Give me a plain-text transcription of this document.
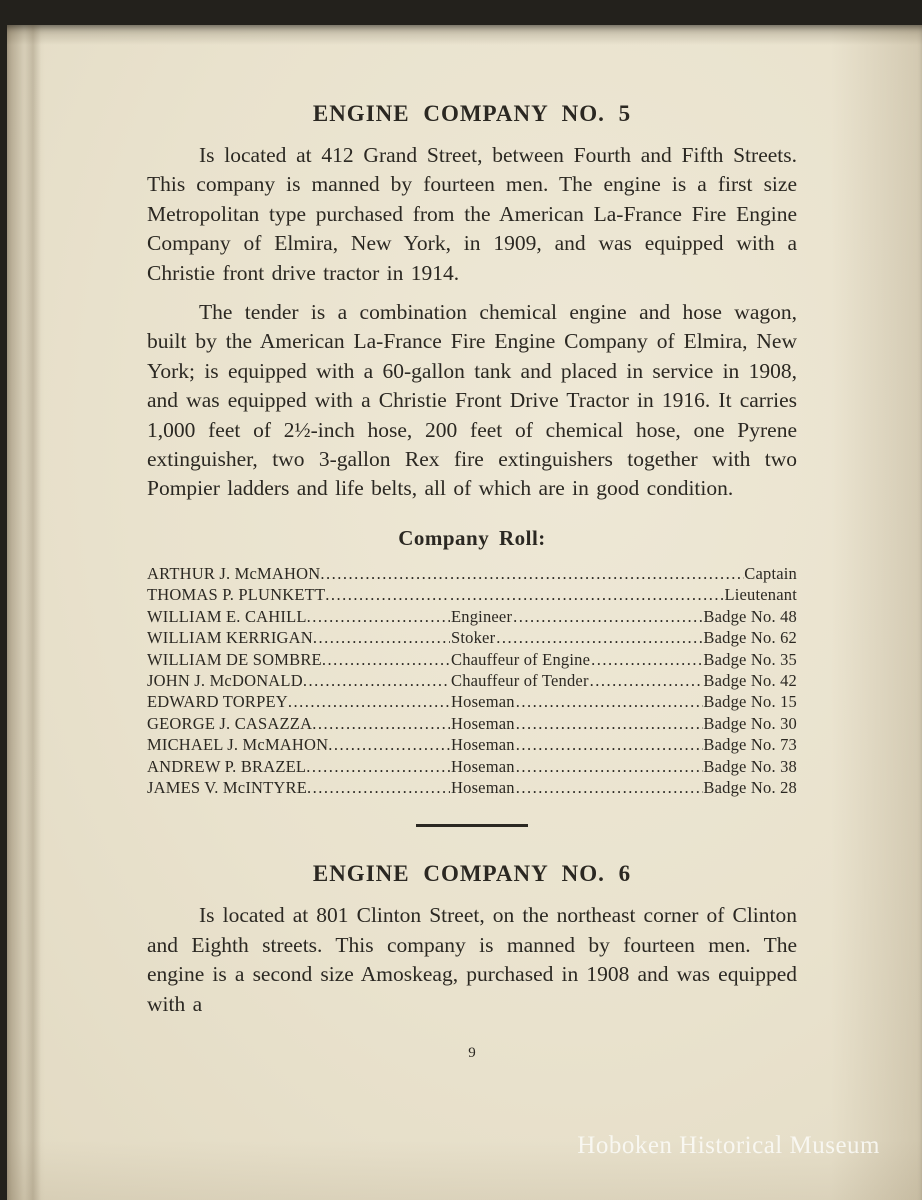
ENGINE COMPANY NO. 5

Is located at 412 Grand Street, between Fourth and Fifth Streets. This company is manned by fourteen men. The engine is a first size Metropolitan type purchased from the American La-France Fire Engine Company of Elmira, New York, in 1909, and was equipped with a Christie front drive tractor in 1914.

The tender is a combination chemical engine and hose wagon, built by the American La-France Fire Engine Company of Elmira, New York; is equipped with a 60-gallon tank and placed in service in 1908, and was equipped with a Christie Front Drive Tractor in 1916. It carries 1,000 feet of 2½-inch hose, 200 feet of chemical hose, one Pyrene extinguisher, two 3-gallon Rex fire extinguishers together with two Pompier ladders and life belts, all of which are in good condition.

Company Roll:
ARTHUR J. McMAHON ..... .....	Captain
THOMAS P. PLUNKETT ..... .....	Lieutenant
WILLIAM E. CAHILL .....	Engineer .....	Badge No. 48
WILLIAM KERRIGAN .....	Stoker .....	Badge No. 62
WILLIAM DE SOMBRE .....	Chauffeur of Engine .....	Badge No. 35
JOHN J. McDONALD .....	Chauffeur of Tender .....	Badge No. 42
EDWARD TORPEY .....	Hoseman .....	Badge No. 15
GEORGE J. CASAZZA .....	Hoseman .....	Badge No. 30
MICHAEL J. McMAHON .....	Hoseman .....	Badge No. 73
ANDREW P. BRAZEL .....	Hoseman .....	Badge No. 38
JAMES V. McINTYRE .....	Hoseman .....	Badge No. 28
ENGINE COMPANY NO. 6

Is located at 801 Clinton Street, on the northeast corner of Clinton and Eighth streets. This company is manned by fourteen men. The engine is a second size Amoskeag, purchased in 1908 and was equipped with a

9
Hoboken Historical Museum
